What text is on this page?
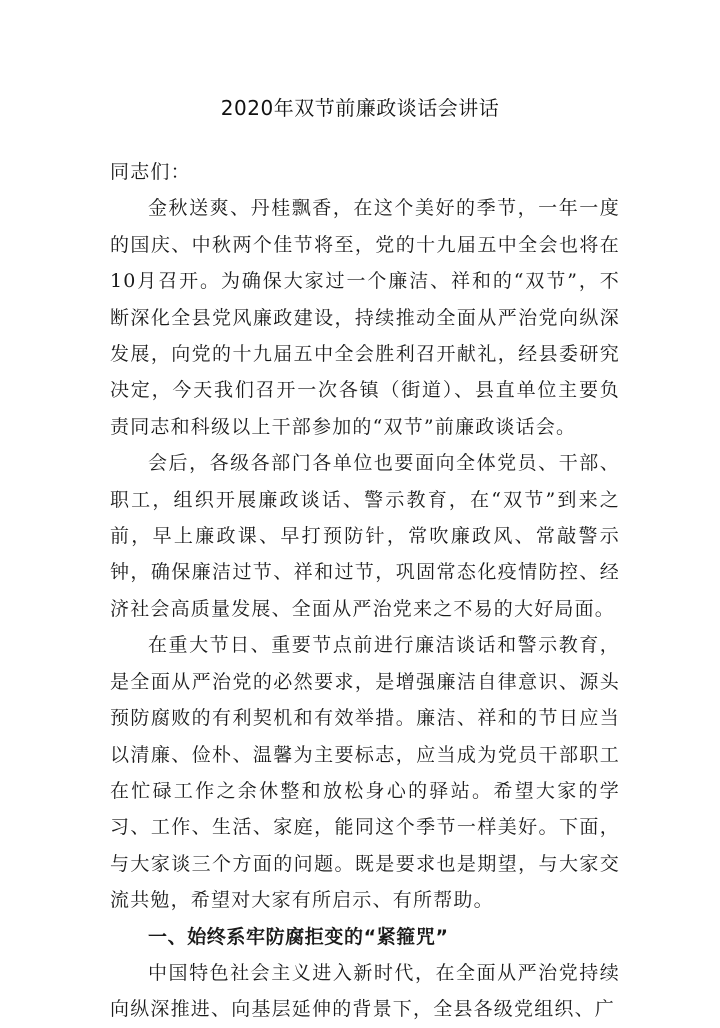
2020年双节前廉政谈话会讲话

同志们：

金秋送爽、丹桂飘香，在这个美好的季节，一年一度的国庆、中秋两个佳节将至，党的十九届五中全会也将在10月召开。为确保大家过一个廉洁、祥和的“双节”，不断深化全县党风廉政建设，持续推动全面从严治党向纵深发展，向党的十九届五中全会胜利召开献礼，经县委研究决定，今天我们召开一次各镇（街道）、县直单位主要负责同志和科级以上干部参加的“双节”前廉政谈话会。

会后，各级各部门各单位也要面向全体党员、干部、职工，组织开展廉政谈话、警示教育，在“双节”到来之前，早上廉政课、早打预防针，常吹廉政风、常敲警示钟，确保廉洁过节、祥和过节，巩固常态化疫情防控、经济社会高质量发展、全面从严治党来之不易的大好局面。

在重大节日、重要节点前进行廉洁谈话和警示教育，是全面从严治党的必然要求，是增强廉洁自律意识、源头预防腐败的有利契机和有效举措。廉洁、祥和的节日应当以清廉、俭朴、温馨为主要标志，应当成为党员干部职工在忙碌工作之余休整和放松身心的驿站。希望大家的学习、工作、生活、家庭，能同这个季节一样美好。下面，与大家谈三个方面的问题。既是要求也是期望，与大家交流共勉，希望对大家有所启示、有所帮助。

一、始终系牢防腐拒变的“紧箍咒”

中国特色社会主义进入新时代，在全面从严治党持续向纵深推进、向基层延伸的背景下，全县各级党组织、广
